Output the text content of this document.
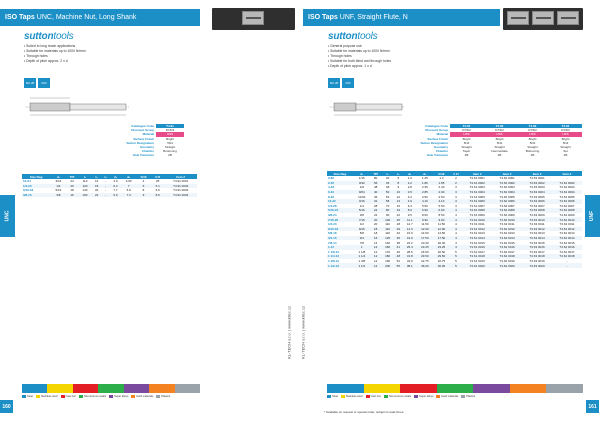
ISO Taps UNC, Machine Nut, Long Shank
suttontools
• Suited to long reach applications
• Suitable for materials up to 1000 N/mm²
• Through holes
• Depth of pitch approx. 2 x d
ISO 2B	UNC
Catalogue Code	T4.91
Discount Group	D7/D2
Material	HSS
Surface Finish	Bright
Sutton Designation	5N4
Geometry	Straight
Chamfer	Bottoming
Hole Tolerance	2B
Size Reg.	d₁	TPI	l₁	l₂	l₃	d₂	d₃	Drill	# Fl	Item #
10-24	3/16	24	110	16	-	4.9	3.93	4	25	T4.91 0001
1/4-20	1/4	20	120	18	-	6.4	7	6	5.1	T4.91 0002
5/16-18	5/16	18	140	20	-	7.7	5.9	8	6.5	T4.91 0003
3/8-16	3/8	16	160	22	-	9.0	7.3	9	8.0	T4.91 0004
UNC
KL-TECH s.r.o. | www.kltec.cz
Steel	Stainless steel	Cast iron	Non-ferrous metals	Super alloys	Hard materials	Plastics
160
ISO Taps UNF, Straight Flute, N
suttontools
• General purpose use
• Suitable for materials up to 1000 N/mm²
• Through holes
• Suitable for both blind and through holes
• Depth of pitch approx. 1 x d
ISO 2B	UNF
Catalogue Code	T4.61	T4.62	T4.63	T4.64
Discount Group	D7/D2	D7/D2	D7/D2	D7/D2
Material	HSS	HSS	HSS	HSS
Surface Finish	Bright	Bright	Bright	Bright
Sutton Designation	5N4	5N4	5N4	5N4
Geometry	Straight	Straight	Straight	Straight
Chamfer	Taper	Intermediate	Bottoming	Set
Hole Tolerance	2B	2B	2B	2B
Size Reg.	d₁	TPI	l₁	l₂	d₂	d₃	Drill	# Fl	Item #	Item #	Item #	Item #
0-80	1/16	80	40	5	1.6	1.25	1.3	2	T4.61 0001	T4.62 0001	T4.63 0001	-
2-56	3/32	56	45	8	2.2	1.80	1.85	2	T4.61 0002	T4.62 0002	T4.63 0002	T4.64 0002
4-48	1/8	48	48	9	2.8	2.35	2.40	3	T4.61 0003	T4.62 0003	T4.63 0003	T4.64 0003
6-40	9/64	40	50	10	3.5	2.85	2.90	3	T4.61 0004	T4.62 0004	T4.63 0004	T4.64 0004
8-36	11/64	36	53	12	4.2	3.50	3.50	3	T4.61 0005	T4.62 0005	T4.63 0005	T4.64 0005
10-32	3/16	32	58	13	4.9	4.10	4.10	3	T4.61 0006	T4.62 0006	T4.63 0006	T4.64 0006
1/4-28	1/4	28	70	16	6.4	5.50	5.50	3	T4.61 0007	T4.62 0007	T4.63 0007	T4.64 0007
5/16-24	5/16	24	80	19	8.0	6.90	6.90	4	T4.61 0008	T4.62 0008	T4.63 0008	T4.64 0008
3/8-24	3/8	24	90	22	9.5	8.50	8.50	4	T4.61 0009	T4.62 0009	T4.63 0009	T4.64 0009
7/16-20	7/16	20	100	25	11.1	9.90	9.90	4	T4.61 0010	T4.62 0010	T4.63 0010	T4.64 0010
1/2-20	1/2	20	110	28	12.7	11.50	11.50	4	T4.61 0011	T4.62 0011	T4.63 0011	T4.64 0011
9/16-18	9/16	18	110	29	14.3	12.90	12.90	4	T4.61 0012	T4.62 0012	T4.63 0012	T4.64 0012
5/8-18	5/8	18	110	32	15.9	14.50	14.50	4	T4.61 0013	T4.62 0013	T4.63 0013	T4.64 0013
3/4-16	3/4	16	125	35	19.0	17.50	17.50	4	T4.61 0014	T4.62 0014	T4.63 0014	T4.64 0014
7/8-14	7/8	14	140	38	22.2	20.40	20.40	4	T4.61 0015	T4.62 0015	T4.63 0015	T4.64 0015
1-12	1	12	160	41	25.4	23.25	23.25	4	T4.61 0016	T4.62 0016	T4.63 0016	T4.64 0016
1 1/8-12	1 1/8	12	170	45	28.6	26.50	26.50	5	T4.61 0017	T4.62 0017	T4.63 0017	T4.64 0017
1 1/4-12	1 1/4	12	180	48	31.8	29.50	29.50	5	T4.61 0018	T4.62 0018	T4.63 0018	T4.64 0018
1 3/8-12	1 3/8	12	190	52	34.9	32.75	32.75	5	T4.61 0019	T4.62 0019	T4.63 0019	-
1 1/2-12	1 1/2	12	200	55	38.1	36.00	36.00	5	T4.61 0020	T4.62 0020	T4.63 0020	-
UNF
KL-TECH s.r.o. | www.kltec.cz
Steel	Stainless steel	Cast iron	Non-ferrous metals	Super alloys	Hard materials	Plastics
* Available on request or special order, subject to lead times.
161
